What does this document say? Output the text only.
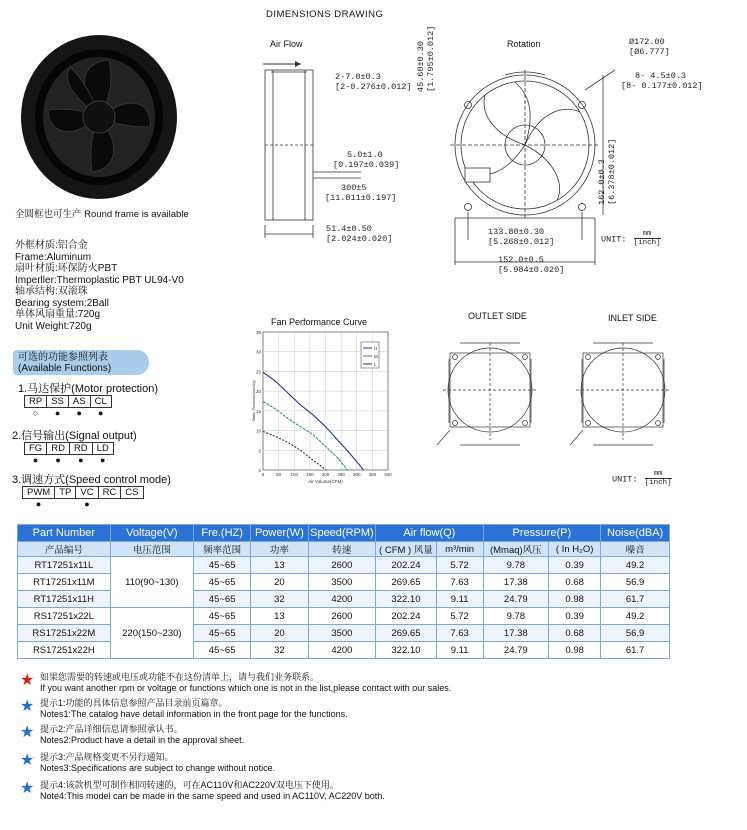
全圆框也可生产 Round frame is available
外框材质:铝合金
Frame:Aluminum
扇叶材质:环保防火PBT
Imperller:Thermoplastic PBT UL94-V0
轴承结构:双滚珠
Bearing system:2Ball
单体风扇重量:720g
Unit Weight:720g
可选的功能参照列表
(Available Functions)
1.马达保护(Motor protection)
RP	SS	AS	CL
○	●	●	●
2.信号输出(Signal output)
FG	RD	RD	LD
●	●	●	●
3.调速方式(Speed control mode)
PWM	TP	VC	RC	CS
●		●		
DIMENSIONS DRAWING
Air Flow
2-7.0±0.3
[2-0.276±0.012]
5.0±1.0
[0.197±0.039]
300±5
[11.811±0.197]
51.4±0.50
[2.024±0.020]
45.60±0.30 [1.795±0.012]	Rotation	Ø172.00
[Ø6.777]
8- 4.5±0.3
[8- 0.177±0.012]
162.0±0.3 [6.378±0.012]
133.80±0.30
[5.268±0.012]
152.0±0.5
[5.984±0.020]
UNIT:
mm
[inch]
Fan Performance Curve
0
5
10
15
20
25
30
35
0	50 100 150 200 250 300 350 400
Static Pressure(mmAq)
Air Volume(CFM)
H
M
L
OUTLET SIDE	INLET SIDE
UNIT:
mm
[inch]
Part Number	Voltage(V)	Fre.(HZ)	Power(W)	Speed(RPM)	Air flow(Q)		Pressure(P)		Noise(dBA)
产品编号	电压范围	频率范围	功率	转速	( CFM ) 风量	m³/min	(Mmaq)风压	( In H₂O)	噪音
RT17251x11L	110(90~130)	45~65	13	2600	202.24	5.72	9.78	0.39	49.2
RT17251x11M		45~65	20	3500	269.65	7.63	17.38	0.68	56.9
RT17251x11H		45~65	32	4200	322.10	9.11	24.79	0.98	61.7
RS17251x22L	220(150~230)	45~65	13	2600	202.24	5.72	9.78	0.39	49.2
RS17251x22M		45~65	20	3500	269.65	7.63	17.38	0.68	56.9
RS17251x22H		45~65	32	4200	322.10	9.11	24.79	0.98	61.7
★ 如果您需要的转速或电压或功能不在这份清单上，请与我们业务联系。
If you want another rpm or voltage or functions which one is not in the list,please contact with our sales.
★ 提示1:功能的具体信息参照产品目录前页篇章。
Notes1:The catalog have detail information in the front page for the functions.
★ 提示2:产品详细信息请参照承认书。
Notes2:Product have a detail in the approval sheet.
★ 提示3:产品规格变更不另行通知。
Notes3:Specifications are subject to change without notice.
★ 提示4:该款机型可制作相同转速的，可在AC110V和AC220V双电压下使用。
Note4:This model can be made in the same speed and used in AC110V, AC220V both.
